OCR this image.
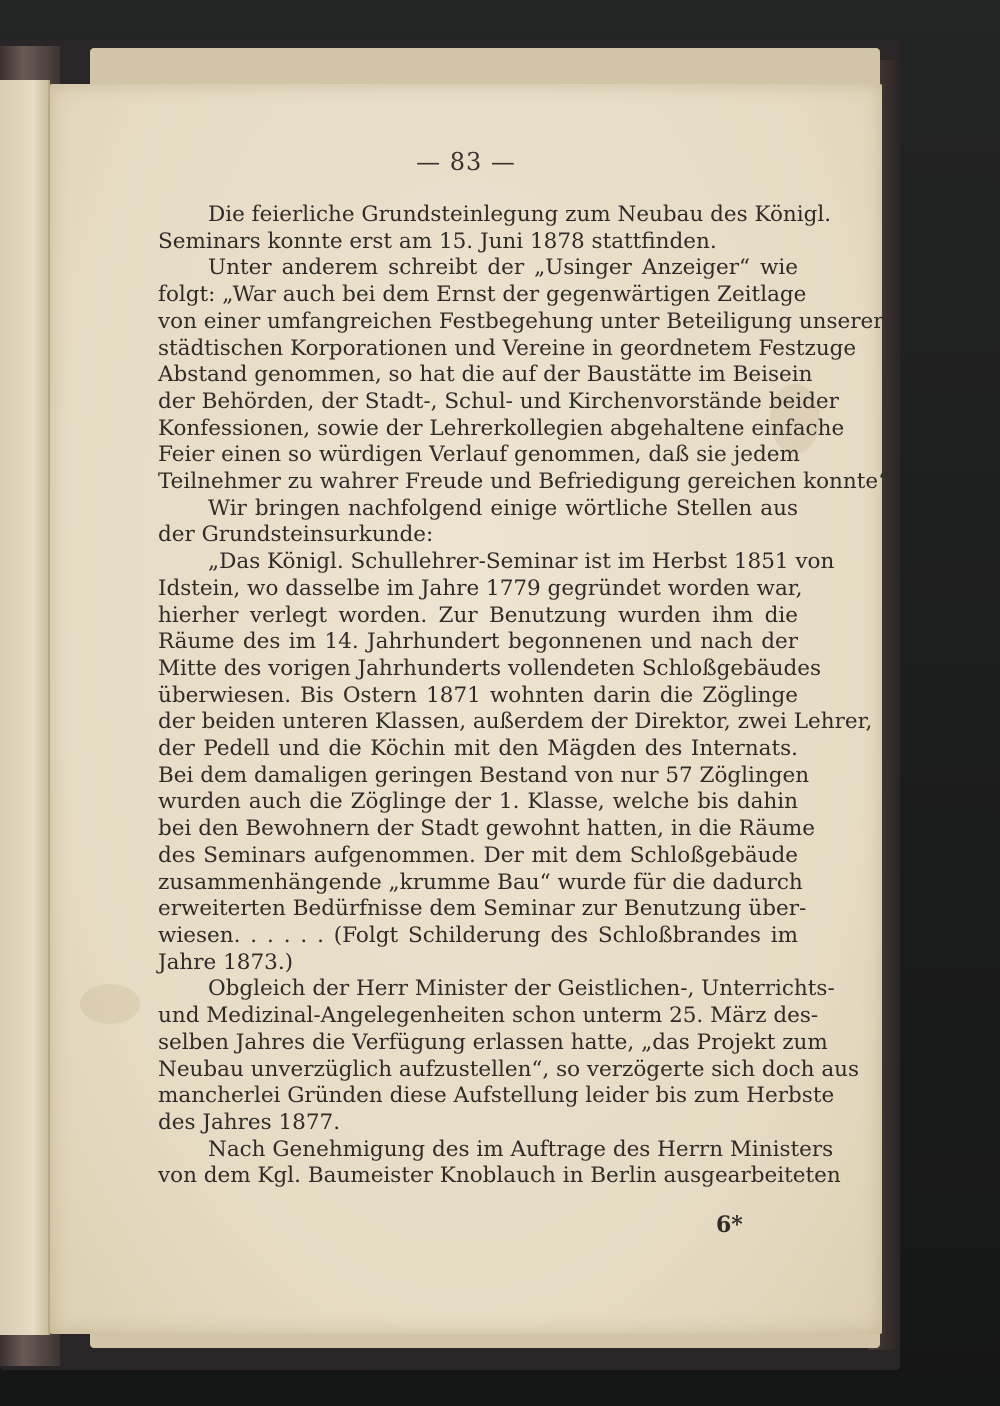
— 83 —
Die feierliche Grundsteinlegung zum Neubau des Königl.
Seminars konnte erst am 15. Juni 1878 stattfinden.
Unter anderem schreibt der „Usinger Anzeiger“ wie
folgt: „War auch bei dem Ernst der gegenwärtigen Zeitlage
von einer umfangreichen Festbegehung unter Beteiligung unserer
städtischen Korporationen und Vereine in geordnetem Festzuge
Abstand genommen, so hat die auf der Baustätte im Beisein
der Behörden, der Stadt-, Schul- und Kirchenvorstände beider
Konfessionen, sowie der Lehrerkollegien abgehaltene einfache
Feier einen so würdigen Verlauf genommen, daß sie jedem
Teilnehmer zu wahrer Freude und Befriedigung gereichen konnte“.
Wir bringen nachfolgend einige wörtliche Stellen aus
der Grundsteinsurkunde:
„Das Königl. Schullehrer-Seminar ist im Herbst 1851 von
Idstein, wo dasselbe im Jahre 1779 gegründet worden war,
hierher verlegt worden. Zur Benutzung wurden ihm die
Räume des im 14. Jahrhundert begonnenen und nach der
Mitte des vorigen Jahrhunderts vollendeten Schloßgebäudes
überwiesen. Bis Ostern 1871 wohnten darin die Zöglinge
der beiden unteren Klassen, außerdem der Direktor, zwei Lehrer,
der Pedell und die Köchin mit den Mägden des Internats.
Bei dem damaligen geringen Bestand von nur 57 Zöglingen
wurden auch die Zöglinge der 1. Klasse, welche bis dahin
bei den Bewohnern der Stadt gewohnt hatten, in die Räume
des Seminars aufgenommen. Der mit dem Schloßgebäude
zusammenhängende „krumme Bau“ wurde für die dadurch
erweiterten Bedürfnisse dem Seminar zur Benutzung über-
wiesen. . . . . . (Folgt Schilderung des Schloßbrandes im
Jahre 1873.)
Obgleich der Herr Minister der Geistlichen-, Unterrichts-
und Medizinal-Angelegenheiten schon unterm 25. März des-
selben Jahres die Verfügung erlassen hatte, „das Projekt zum
Neubau unverzüglich aufzustellen“, so verzögerte sich doch aus
mancherlei Gründen diese Aufstellung leider bis zum Herbste
des Jahres 1877.
Nach Genehmigung des im Auftrage des Herrn Ministers
von dem Kgl. Baumeister Knoblauch in Berlin ausgearbeiteten
6*
